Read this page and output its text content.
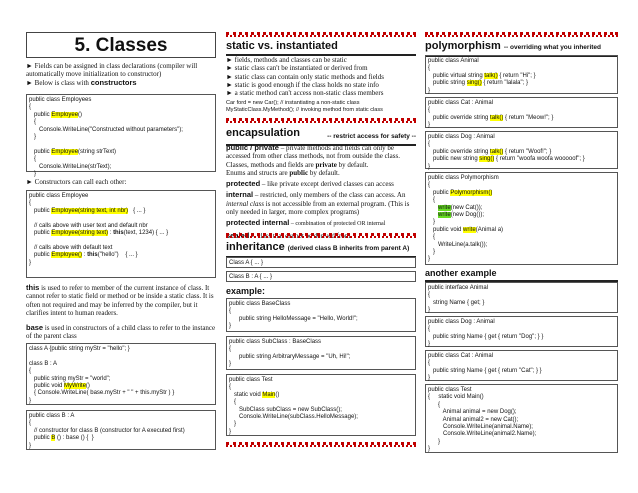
5. Classes
► Fields can be assigned in class declarations (compiler will automatically move initialization to constructor)
► Below is class with constructors
public class Employees
{
public Employee()
{
Console.WriteLine("Constructed without parameters");
}

public Employee(string strText)
{
Console.WriteLine(strText);
}
► Constructors can call each other:
public class Employee
{
public Employee(string text, int nbr)   { ... }

// calls above with user text and default nbr
public Employee(string text) : this(text, 1234) { ... }

// calls above with default text
public Employee() : this("hello")    { ... }
}
this is used to refer to member of the current instance of class. It cannot refer to static field or method or be inside a static class. It is often not required and may be inferred by the compiler, but it clarifies intent to human readers.
base is used in constructors of a child class to refer to the instance of the parent class
class A {public string myStr = "hello"; }

class B : A
{
public string myStr = "world";
public void MyWrite()
{ Console.WriteLine( base.myStr + " " + this.myStr ) }
}
public class B : A
{
// constructor for class B (constructor for A executed first)
public B () : base () {  }
}
static vs. instantiated
► fields, methods and classes can be static
► static class can't be instantiated or derived from
► static class can contain only static methods and fields
► static is good enough if the class holds no state info
► a static method can't access non-static class members
Car ford = new Car(); // instantiating a non-static class
MyStaticClass.MyMethod(); // invoking method from static class
encapsulation	-- restrict access for safety --
public / private – private methods and fields can only be accessed from other class methods, not from outside the class. Classes, methods and fields are private by default.
Enums and structs are public by default.
protected – like private except derived classes can access
internal – restricted, only members of the class can access. An internal class is not accessible from an external program. (This is only needed in larger, more complex programs)
protected internal – combination of protected OR internal
sealed -- class that cannot be derived from
inheritance (derived class B inherits from parent A)
Class A { ... }
Class B : A { ... }
example:
public class BaseClass
{
public string HelloMessage = "Hello, World!";
}
public class SubClass : BaseClass
{
public string ArbitraryMessage = "Uh, Hi!";
}
public class Test
{
static void Main()
{
SubClass subClass = new SubClass();
Console.WriteLine(subClass.HelloMessage);
}
}
polymorphism -- overriding what you inherited
public class Animal
{
public virtual string talk() { return "Hi"; }
public string sing() { return "lalala"; }
}
public class Cat : Animal
{
public override string talk() { return "Meow!"; }
}
public class Dog : Animal
{
public override string talk() { return "Woof!"; }
public new string sing() { return "woofa woofa wooooof"; }
}
public class Polymorphism
{
public Polymorphism()
{
write(new Cat());
write(new Dog());
}
public void write(Animal a)
{
WriteLine(a.talk());
}
}
another example
public interface Animal
{
string Name { get; }
}
public class Dog : Animal
{
public string Name { get { return "Dog"; } }
}
public class Cat : Animal
{
public string Name { get { return "Cat"; } }
}
public class Test
{     static void Main()
{
Animal animal = new Dog();
Animal animal2 = new Cat();
Console.WriteLine(animal.Name);
Console.WriteLine(animal2.Name);
}
}
